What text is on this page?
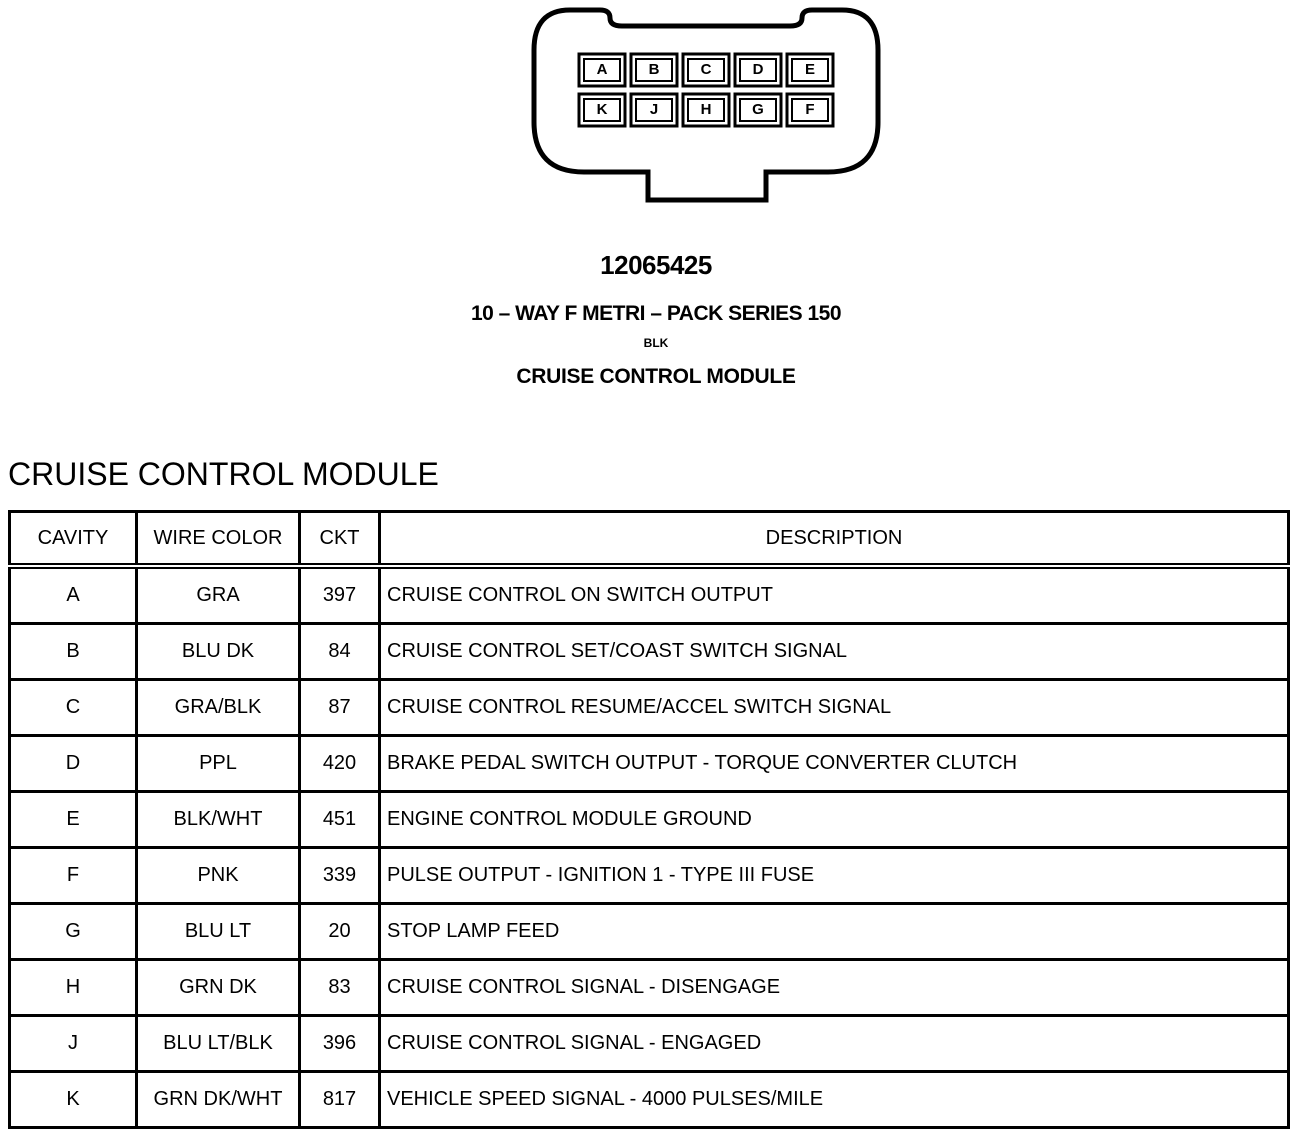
A	B	C	D	E
K	J	H	G	F
12065425
10 – WAY F METRI – PACK SERIES 150
BLK
CRUISE CONTROL MODULE
CRUISE CONTROL MODULE
CAVITY	WIRE COLOR	CKT	DESCRIPTION
A	GRA	397	CRUISE CONTROL ON SWITCH OUTPUT
B	BLU DK	84	CRUISE CONTROL SET/COAST SWITCH SIGNAL
C	GRA/BLK	87	CRUISE CONTROL RESUME/ACCEL SWITCH SIGNAL
D	PPL	420	BRAKE PEDAL SWITCH OUTPUT - TORQUE CONVERTER CLUTCH
E	BLK/WHT	451	ENGINE CONTROL MODULE GROUND
F	PNK	339	PULSE OUTPUT - IGNITION 1 - TYPE III FUSE
G	BLU LT	20	STOP LAMP FEED
H	GRN DK	83	CRUISE CONTROL SIGNAL - DISENGAGE
J	BLU LT/BLK	396	CRUISE CONTROL SIGNAL - ENGAGED
K	GRN DK/WHT	817	VEHICLE SPEED SIGNAL - 4000 PULSES/MILE
